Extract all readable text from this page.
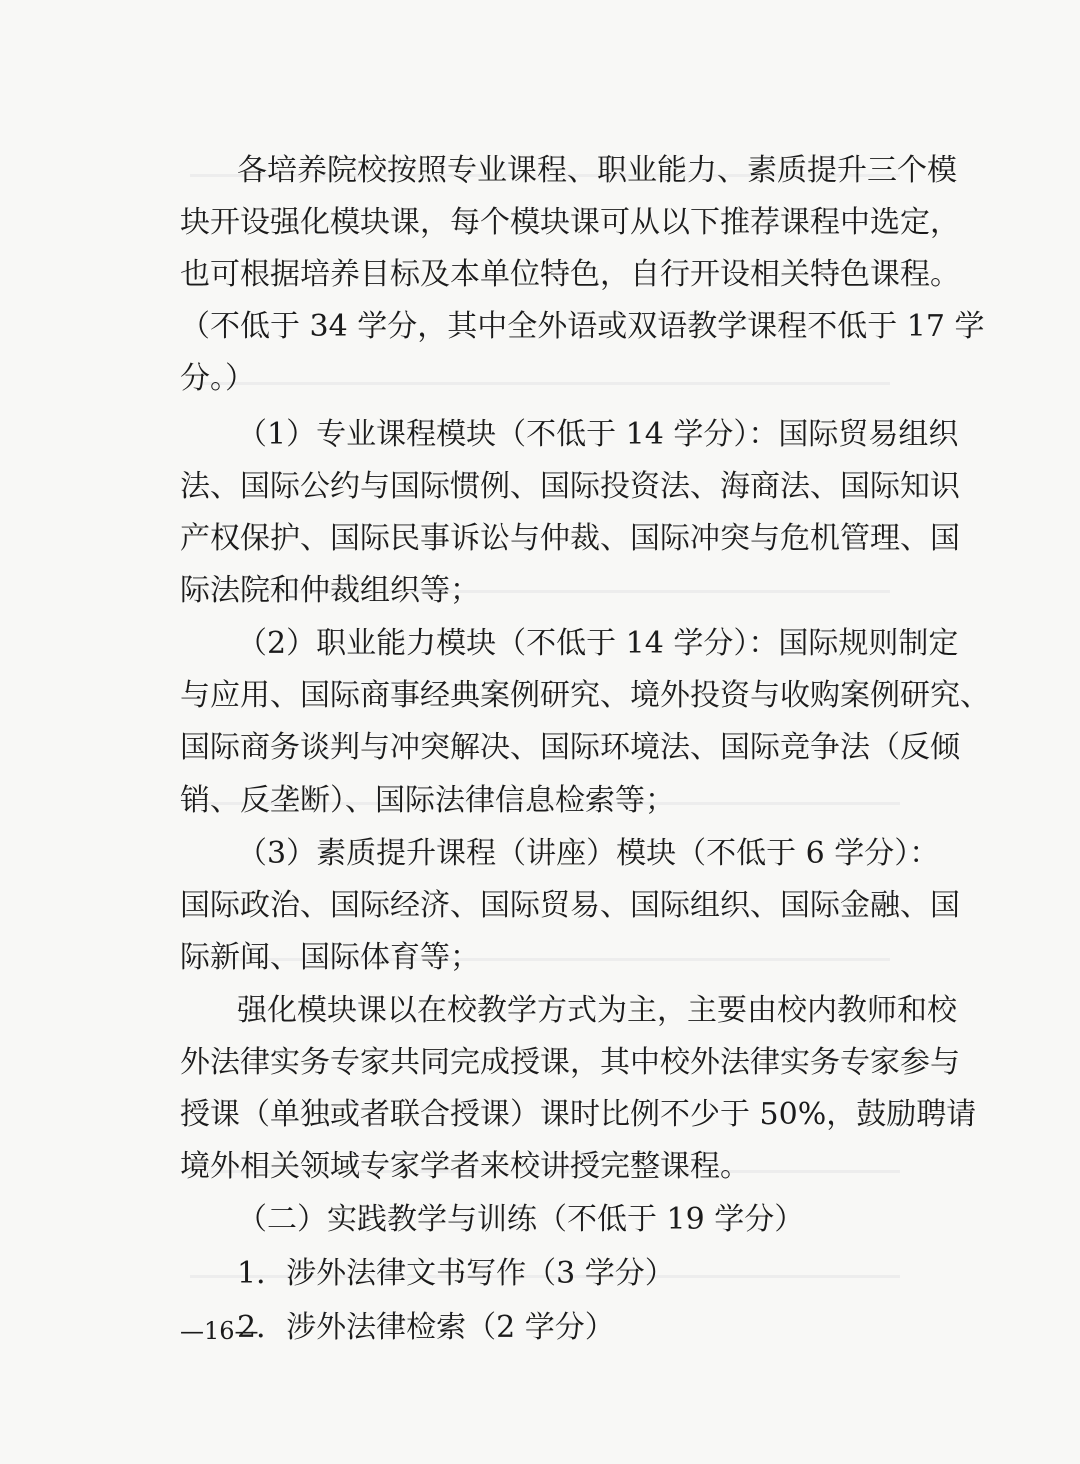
各培养院校按照专业课程、职业能力、素质提升三个模
块开设强化模块课，每个模块课可从以下推荐课程中选定，
也可根据培养目标及本单位特色，自行开设相关特色课程。
（不低于 34 学分，其中全外语或双语教学课程不低于 17 学
分。）
（1）专业课程模块（不低于 14 学分）：国际贸易组织
法、国际公约与国际惯例、国际投资法、海商法、国际知识
产权保护、国际民事诉讼与仲裁、国际冲突与危机管理、国
际法院和仲裁组织等；
（2）职业能力模块（不低于 14 学分）：国际规则制定
与应用、国际商事经典案例研究、境外投资与收购案例研究、
国际商务谈判与冲突解决、国际环境法、国际竞争法（反倾
销、反垄断）、国际法律信息检索等；
（3）素质提升课程（讲座）模块（不低于 6 学分）：
国际政治、国际经济、国际贸易、国际组织、国际金融、国
际新闻、国际体育等；
强化模块课以在校教学方式为主，主要由校内教师和校
外法律实务专家共同完成授课，其中校外法律实务专家参与
授课（单独或者联合授课）课时比例不少于 50%，鼓励聘请
境外相关领域专家学者来校讲授完整课程。
（二）实践教学与训练（不低于 19 学分）
1．涉外法律文书写作（3 学分）
2．涉外法律检索（2 学分）
—16—
